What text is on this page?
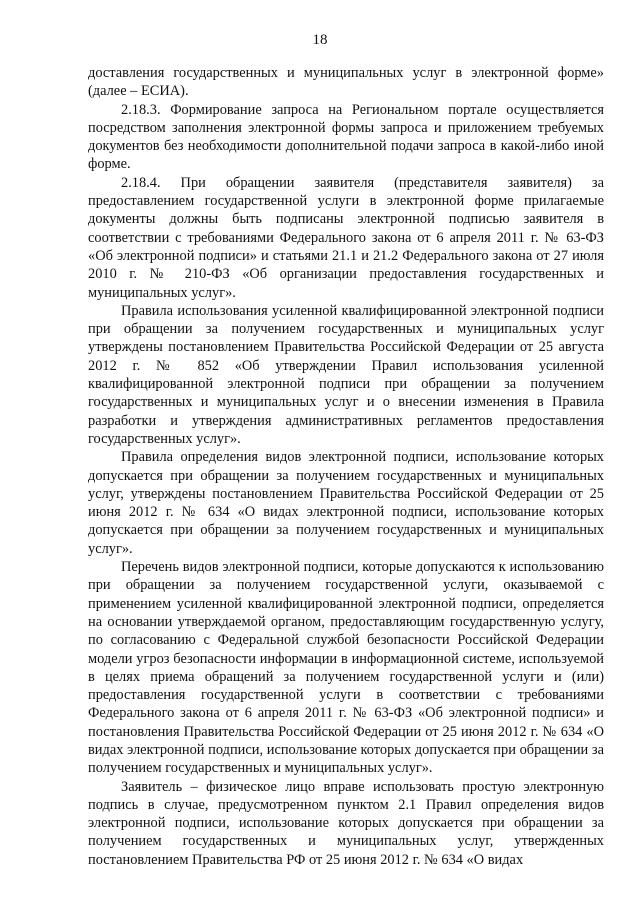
18

доставления государственных и муниципальных услуг в электронной форме» (далее – ЕСИА).

2.18.3. Формирование запроса на Региональном портале осуществляется посредством заполнения электронной формы запроса и приложением требуемых документов без необходимости дополнительной подачи запроса в какой-либо иной форме.

2.18.4. При обращении заявителя (представителя заявителя) за предоставлением государственной услуги в электронной форме прилагаемые документы должны быть подписаны электронной подписью заявителя в соответствии с требованиями Федерального закона от 6 апреля 2011 г. № 63-ФЗ «Об электронной подписи» и статьями 21.1 и 21.2 Федерального закона от 27 июля 2010 г. № 210-ФЗ «Об организации предоставления государственных и муниципальных услуг».

Правила использования усиленной квалифицированной электронной подписи при обращении за получением государственных и муниципальных услуг утверждены постановлением Правительства Российской Федерации от 25 августа 2012 г. № 852 «Об утверждении Правил использования усиленной квалифицированной электронной подписи при обращении за получением государственных и муниципальных услуг и о внесении изменения в Правила разработки и утверждения административных регламентов предоставления государственных услуг».

Правила определения видов электронной подписи, использование которых допускается при обращении за получением государственных и муниципальных услуг, утверждены постановлением Правительства Российской Федерации от 25 июня 2012 г. № 634 «О видах электронной подписи, использование которых допускается при обращении за получением государственных и муниципальных услуг».

Перечень видов электронной подписи, которые допускаются к использованию при обращении за получением государственной услуги, оказываемой с применением усиленной квалифицированной электронной подписи, определяется на основании утверждаемой органом, предоставляющим государственную услугу, по согласованию с Федеральной службой безопасности Российской Федерации модели угроз безопасности информации в информационной системе, используемой в целях приема обращений за получением государственной услуги и (или) предоставления государственной услуги в соответствии с требованиями Федерального закона от 6 апреля 2011 г. № 63-ФЗ «Об электронной подписи» и постановления Правительства Российской Федерации от 25 июня 2012 г. № 634 «О видах электронной подписи, использование которых допускается при обращении за получением государственных и муниципальных услуг».

Заявитель – физическое лицо вправе использовать простую электронную подпись в случае, предусмотренном пунктом 2.1 Правил определения видов электронной подписи, использование которых допускается при обращении за получением государственных и муниципальных услуг, утвержденных постановлением Правительства РФ от 25 июня 2012 г. № 634 «О видах
